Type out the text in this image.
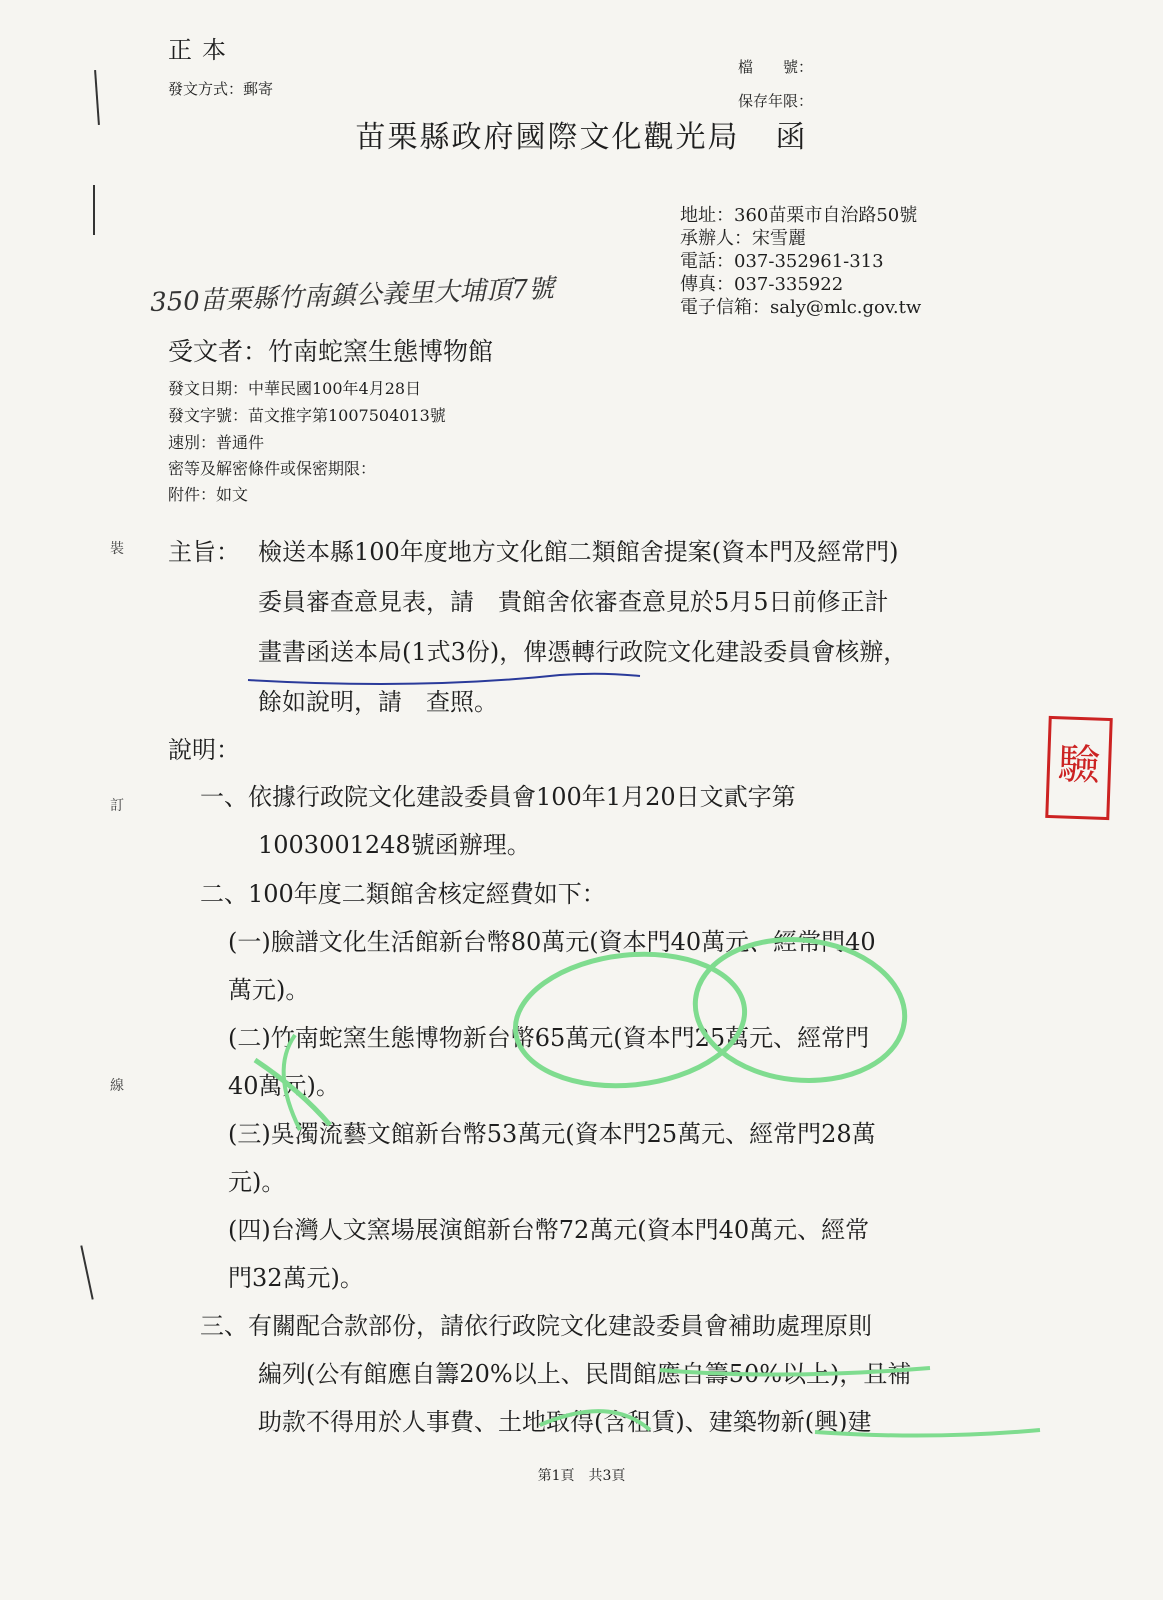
正本
發文方式：郵寄
檔　　號：
保存年限：
苗栗縣政府國際文化觀光局 函
地址：360苗栗市自治路50號
承辦人：宋雪麗
電話：037-352961-313
傳真：037-335922
電子信箱：saly@mlc.gov.tw
350苗栗縣竹南鎮公義里大埔頂7號
受文者：竹南蛇窯生態博物館
發文日期：中華民國100年4月28日
發文字號：苗文推字第1007504013號
速別：普通件
密等及解密條件或保密期限：
附件：如文
裝
訂
線
主旨： 檢送本縣100年度地方文化館二類館舍提案(資本門及經常門)
委員審查意見表，請　貴館舍依審查意見於5月5日前修正計
畫書函送本局(1式3份)，俾憑轉行政院文化建設委員會核辦，
餘如說明，請　查照。
說明：
一、依據行政院文化建設委員會100年1月20日文貳字第
1003001248號函辦理。
二、100年度二類館舍核定經費如下：
(一)臉譜文化生活館新台幣80萬元(資本門40萬元、經常門40
萬元)。
(二)竹南蛇窯生態博物新台幣65萬元(資本門25萬元、經常門
40萬元)。
(三)吳濁流藝文館新台幣53萬元(資本門25萬元、經常門28萬
元)。
(四)台灣人文窯場展演館新台幣72萬元(資本門40萬元、經常
門32萬元)。
三、有關配合款部份，請依行政院文化建設委員會補助處理原則
編列(公有館應自籌20%以上、民間館應自籌50%以上)，且補
助款不得用於人事費、土地取得(含租賃)、建築物新(興)建
驗
第1頁　共3頁
